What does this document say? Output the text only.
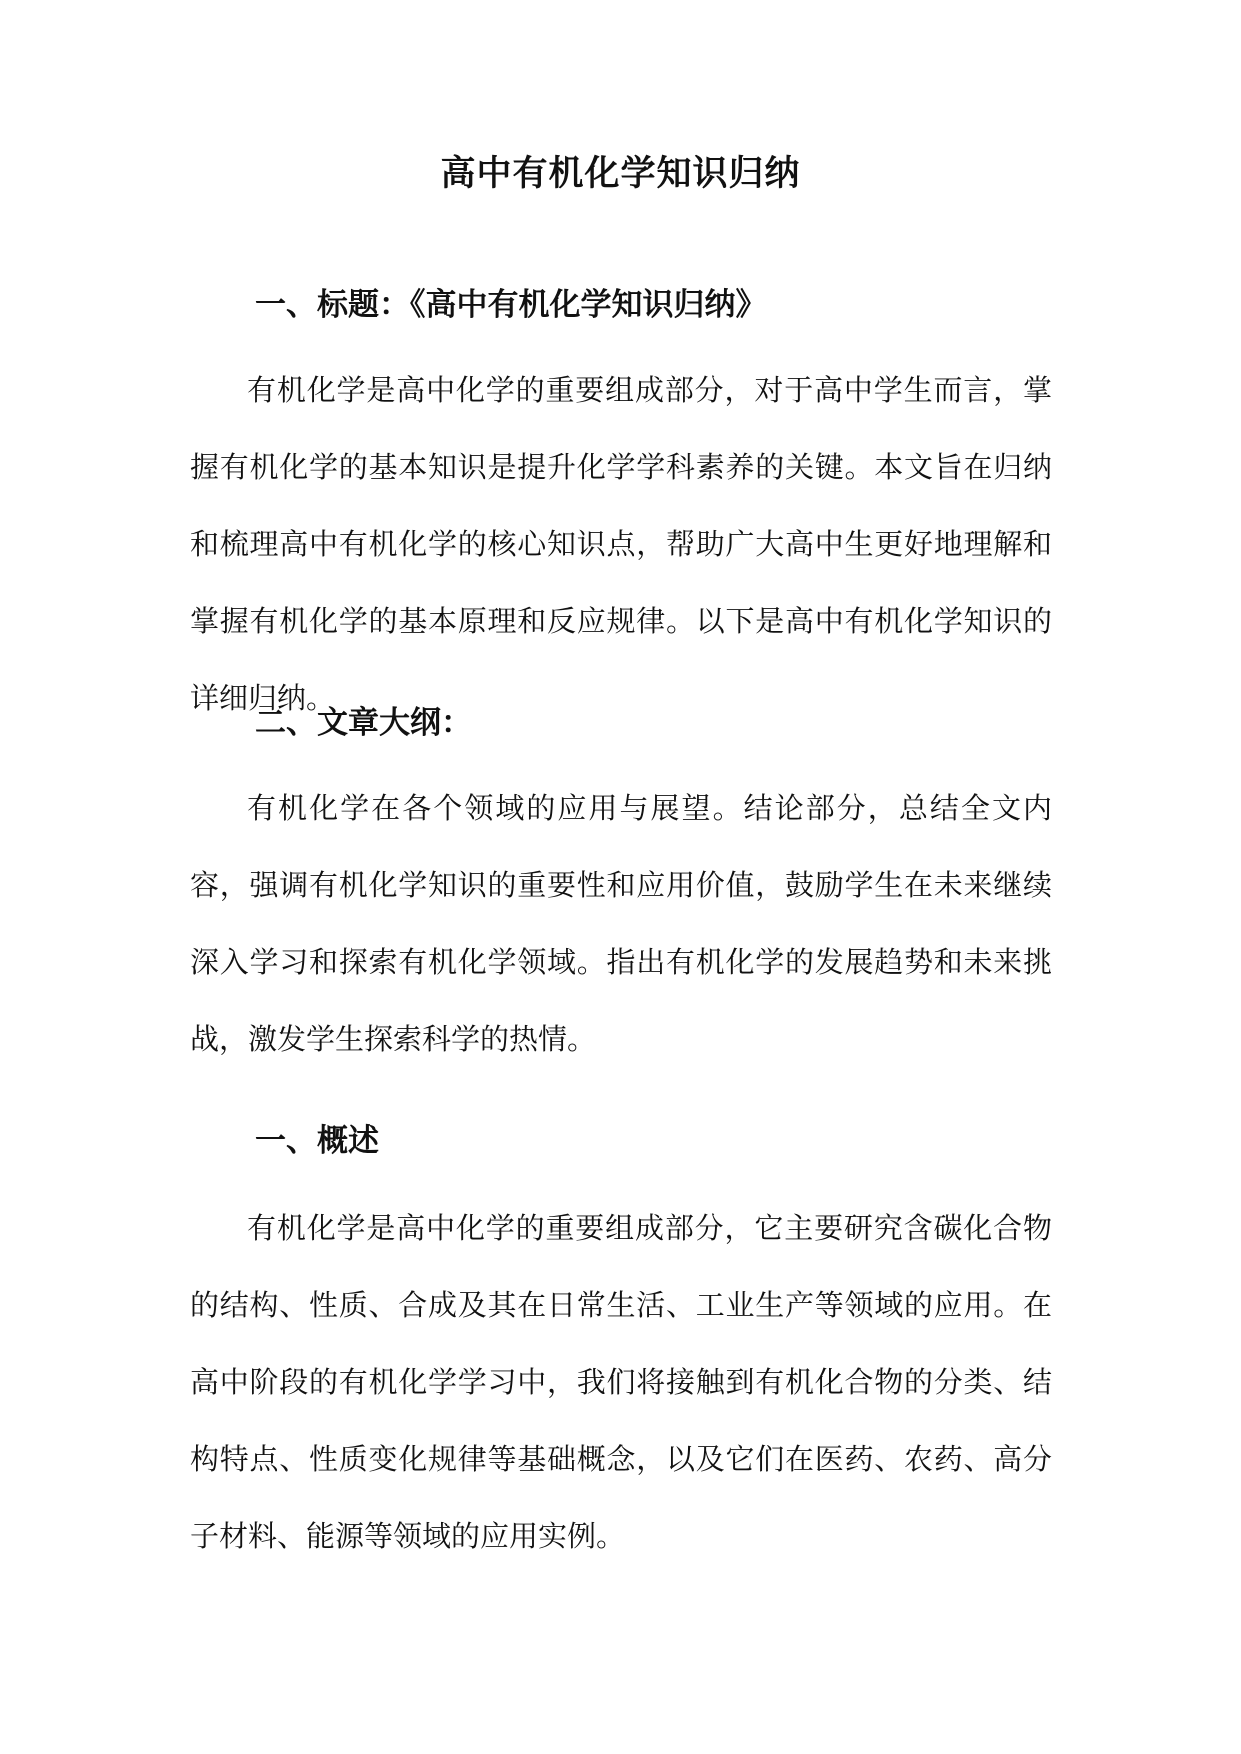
高中有机化学知识归纳
一、标题：《高中有机化学知识归纳》

有机化学是高中化学的重要组成部分，对于高中学生而言，掌握有机化学的基本知识是提升化学学科素养的关键。本文旨在归纳和梳理高中有机化学的核心知识点，帮助广大高中生更好地理解和掌握有机化学的基本原理和反应规律。以下是高中有机化学知识的详细归纳。

二、文章大纲：

有机化学在各个领域的应用与展望。结论部分，总结全文内容，强调有机化学知识的重要性和应用价值，鼓励学生在未来继续深入学习和探索有机化学领域。指出有机化学的发展趋势和未来挑战，激发学生探索科学的热情。

一、概述

有机化学是高中化学的重要组成部分，它主要研究含碳化合物的结构、性质、合成及其在日常生活、工业生产等领域的应用。在高中阶段的有机化学学习中，我们将接触到有机化合物的分类、结构特点、性质变化规律等基础概念，以及它们在医药、农药、高分子材料、能源等领域的应用实例。
